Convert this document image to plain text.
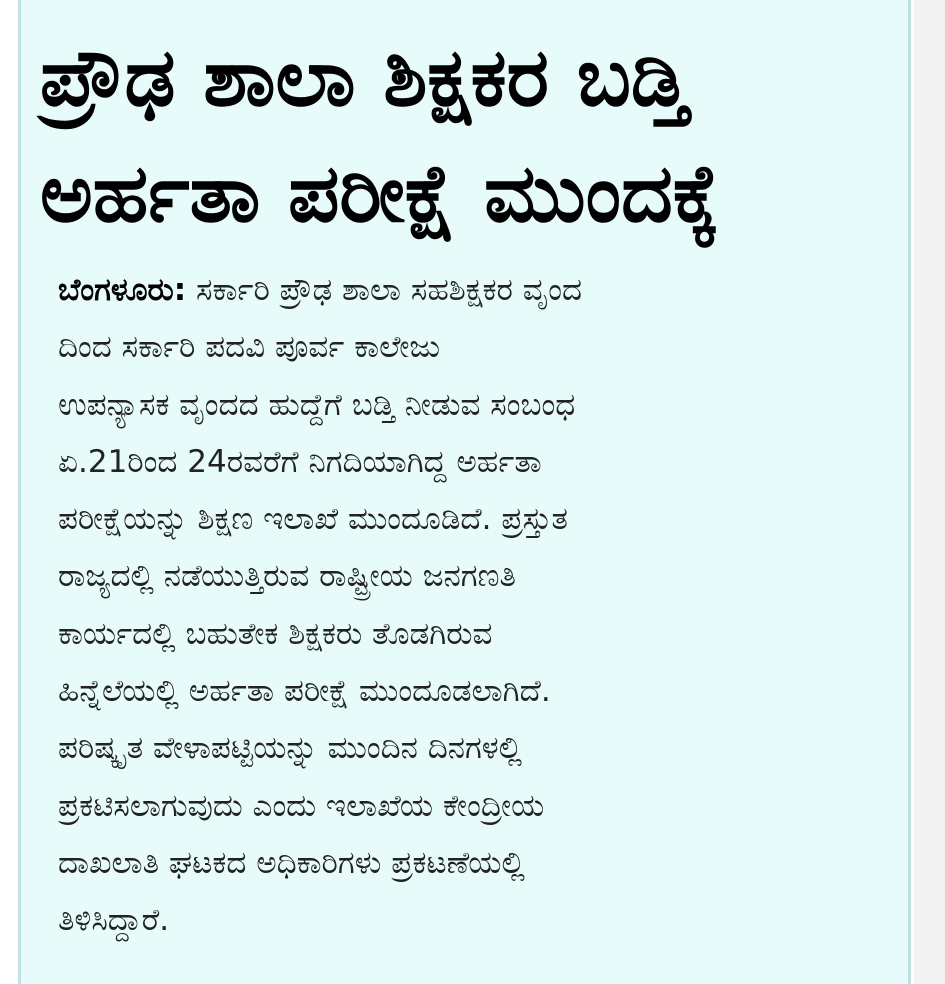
ಪ್ರೌಢ ಶಾಲಾ ಶಿಕ್ಷಕರ ಬಡ್ತಿ
ಅರ್ಹತಾ ಪರೀಕ್ಷೆ ಮುಂದಕ್ಕೆ
ಬೆಂಗಳೂರು: ಸರ್ಕಾರಿ ಪ್ರೌಢ ಶಾಲಾ ಸಹಶಿಕ್ಷಕರ ವೃಂದ
ದಿಂದ ಸರ್ಕಾರಿ ಪದವಿ ಪೂರ್ವ ಕಾಲೇಜು
ಉಪನ್ಯಾಸಕ ವೃಂದದ ಹುದ್ದೆಗೆ ಬಡ್ತಿ ನೀಡುವ ಸಂಬಂಧ
ಏ.21ರಿಂದ 24ರವರೆಗೆ ನಿಗದಿಯಾಗಿದ್ದ ಅರ್ಹತಾ
ಪರೀಕ್ಷೆಯನ್ನು ಶಿಕ್ಷಣ ಇಲಾಖೆ ಮುಂದೂಡಿದೆ. ಪ್ರಸ್ತುತ
ರಾಜ್ಯದಲ್ಲಿ ನಡೆಯುತ್ತಿರುವ ರಾಷ್ಟ್ರೀಯ ಜನಗಣತಿ
ಕಾರ್ಯದಲ್ಲಿ ಬಹುತೇಕ ಶಿಕ್ಷಕರು ತೊಡಗಿರುವ
ಹಿನ್ನೆಲೆಯಲ್ಲಿ ಅರ್ಹತಾ ಪರೀಕ್ಷೆ ಮುಂದೂಡಲಾಗಿದೆ.
ಪರಿಷ್ಕೃತ ವೇಳಾಪಟ್ಟಿಯನ್ನು ಮುಂದಿನ ದಿನಗಳಲ್ಲಿ
ಪ್ರಕಟಿಸಲಾಗುವುದು ಎಂದು ಇಲಾಖೆಯ ಕೇಂದ್ರೀಯ
ದಾಖಲಾತಿ ಘಟಕದ ಅಧಿಕಾರಿಗಳು ಪ್ರಕಟಣೆಯಲ್ಲಿ
ತಿಳಿಸಿದ್ದಾರೆ.
